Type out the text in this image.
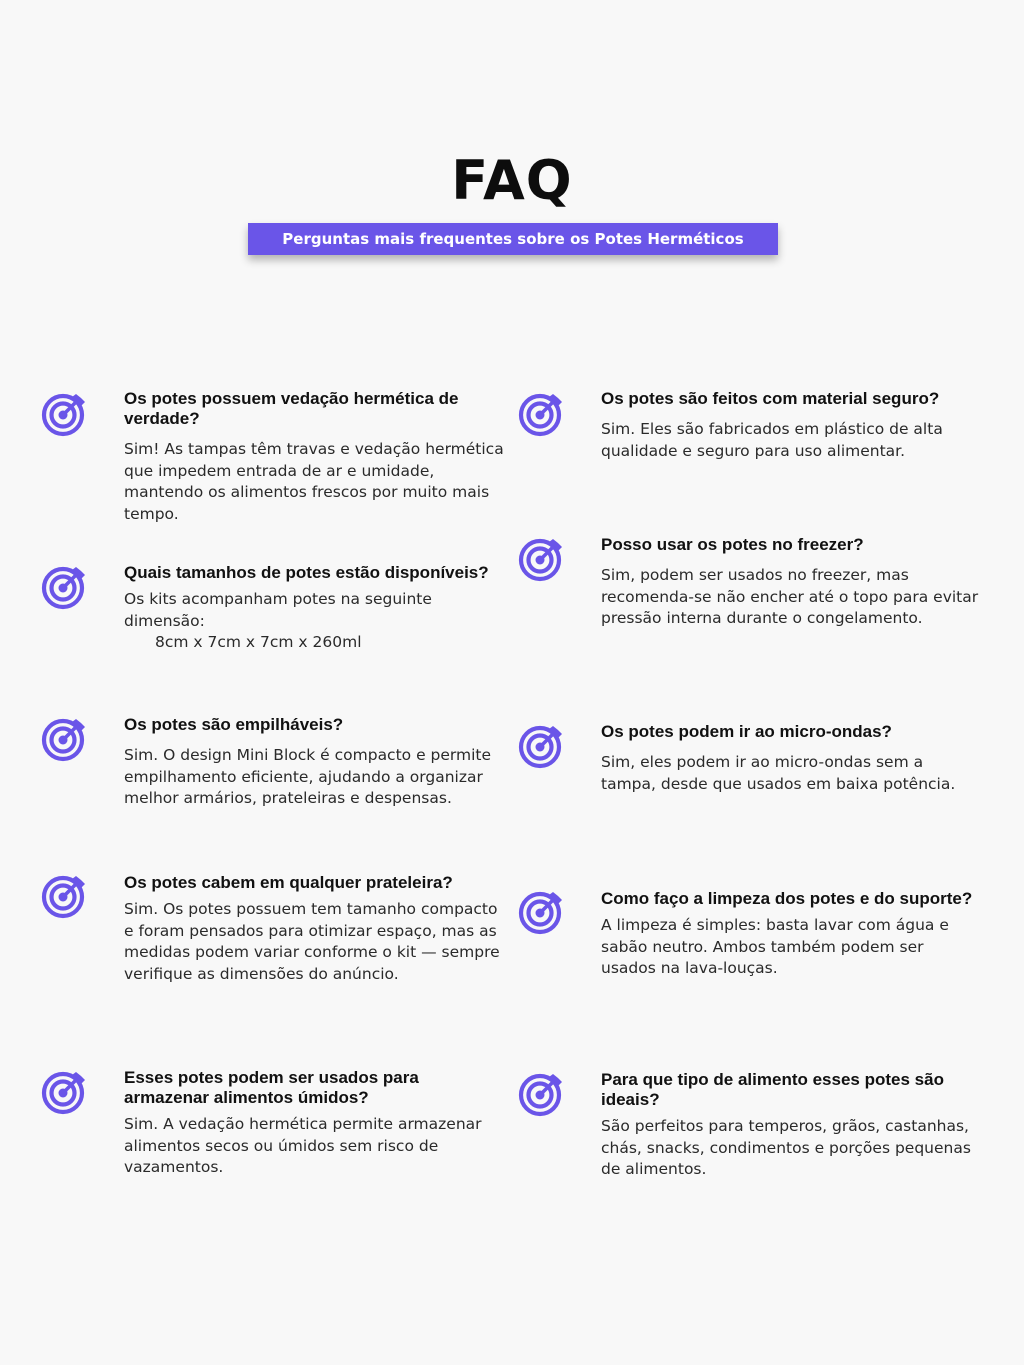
FAQ
Perguntas mais frequentes sobre os Potes Herméticos

Os potes possuem vedação hermética de verdade?

Sim! As tampas têm travas e vedação hermética que impedem entrada de ar e umidade, mantendo os alimentos frescos por muito mais tempo.

Quais tamanhos de potes estão disponíveis?

Os kits acompanham potes na seguinte dimensão:
8cm x 7cm x 7cm x 260ml

Os potes são empilháveis?

Sim. O design Mini Block é compacto e permite empilhamento eficiente, ajudando a organizar melhor armários, prateleiras e despensas.

Os potes cabem em qualquer prateleira?

Sim. Os potes possuem tem tamanho compacto e foram pensados para otimizar espaço, mas as medidas podem variar conforme o kit — sempre verifique as dimensões do anúncio.

Esses potes podem ser usados para armazenar alimentos úmidos?

Sim. A vedação hermética permite armazenar alimentos secos ou úmidos sem risco de vazamentos.

Os potes são feitos com material seguro?

Sim. Eles são fabricados em plástico de alta qualidade e seguro para uso alimentar.

Posso usar os potes no freezer?

Sim, podem ser usados no freezer, mas recomenda-se não encher até o topo para evitar pressão interna durante o congelamento.

Os potes podem ir ao micro-ondas?

Sim, eles podem ir ao micro-ondas sem a tampa, desde que usados em baixa potência.

Como faço a limpeza dos potes e do suporte?

A limpeza é simples: basta lavar com água e sabão neutro. Ambos também podem ser usados na lava-louças.

Para que tipo de alimento esses potes são ideais?

São perfeitos para temperos, grãos, castanhas, chás, snacks, condimentos e porções pequenas de alimentos.
